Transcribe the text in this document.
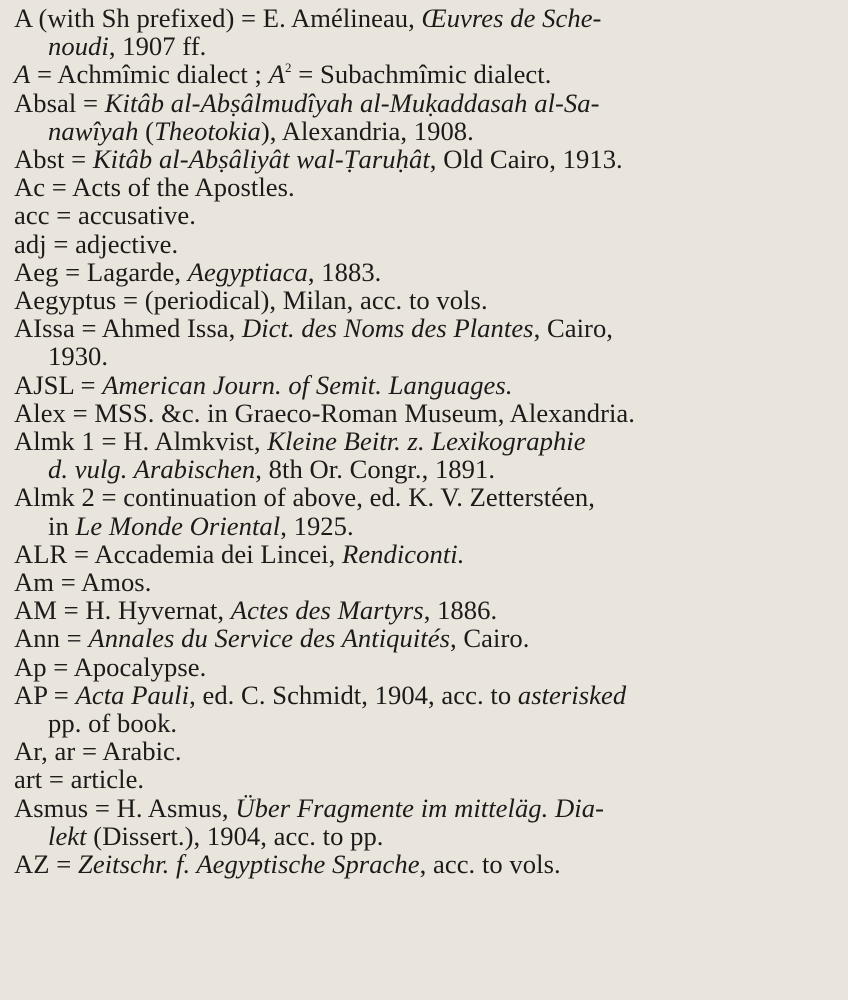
A (with Sh prefixed) = E. Amélineau, Œuvres de Sche-
noudi, 1907 ff.
A = Achmîmic dialect ; $A^2$ = Subachmîmic dialect.
Absal = Kitâb al-Abṣâlmudîyah al-Muḳaddasah al-Sa-
nawîyah (Theotokia), Alexandria, 1908.
Abst = Kitâb al-Abṣâliyât wal-Ṭaruḥât, Old Cairo, 1913.
Ac = Acts of the Apostles.
acc = accusative.
adj = adjective.
Aeg = Lagarde, Aegyptiaca, 1883.
Aegyptus = (periodical), Milan, acc. to vols.
AIssa = Ahmed Issa, Dict. des Noms des Plantes, Cairo,
1930.
AJSL = American Journ. of Semit. Languages.
Alex = MSS. &c. in Graeco-Roman Museum, Alexandria.
Almk 1 = H. Almkvist, Kleine Beitr. z. Lexikographie
d. vulg. Arabischen, 8th Or. Congr., 1891.
Almk 2 = continuation of above, ed. K. V. Zetterstéen,
in Le Monde Oriental, 1925.
ALR = Accademia dei Lincei, Rendiconti.
Am = Amos.
AM = H. Hyvernat, Actes des Martyrs, 1886.
Ann = Annales du Service des Antiquités, Cairo.
Ap = Apocalypse.
AP = Acta Pauli, ed. C. Schmidt, 1904, acc. to asterisked
pp. of book.
Ar, ar = Arabic.
art = article.
Asmus = H. Asmus, Über Fragmente im mitteläg. Dia-
lekt (Dissert.), 1904, acc. to pp.
AZ = Zeitschr. f. Aegyptische Sprache, acc. to vols.
